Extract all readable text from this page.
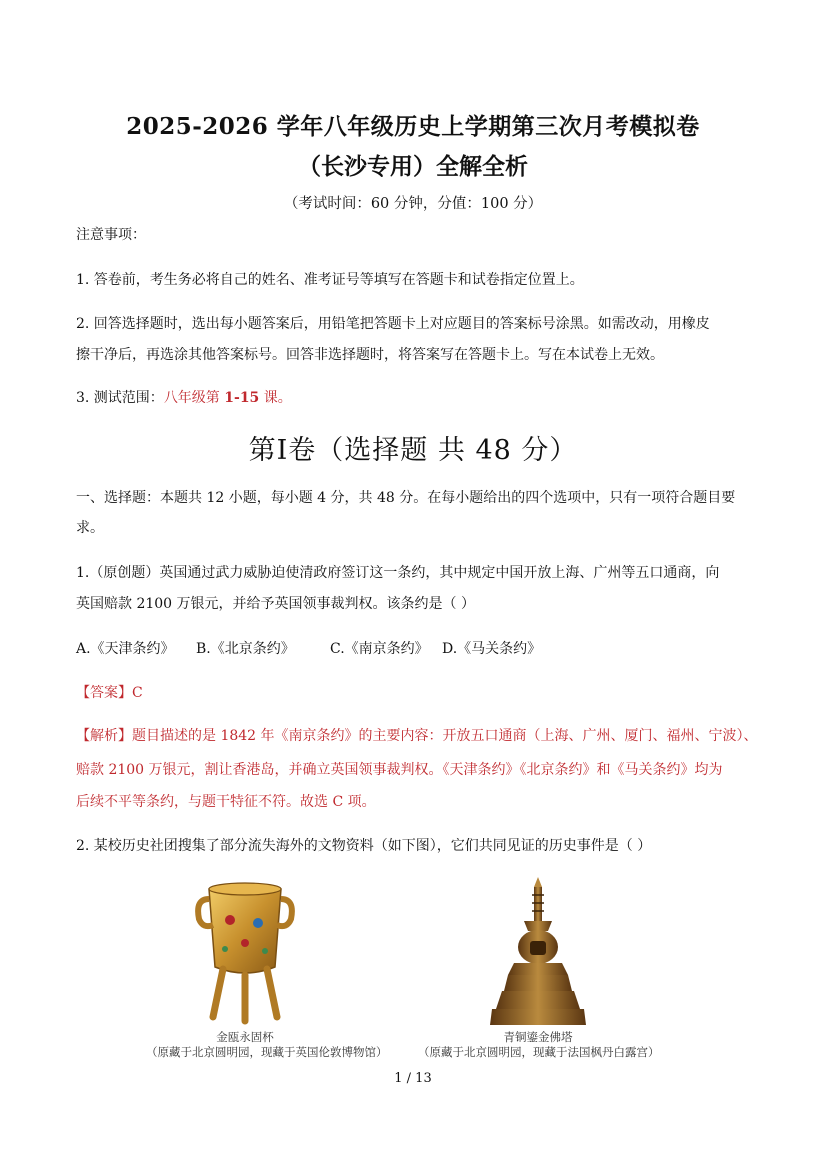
2025-2026 学年八年级历史上学期第三次月考模拟卷
（长沙专用）全解全析
（考试时间：60 分钟，分值：100 分）
注意事项：
1. 答卷前，考生务必将自己的姓名、准考证号等填写在答题卡和试卷指定位置上。
2. 回答选择题时，选出每小题答案后，用铅笔把答题卡上对应题目的答案标号涂黑。如需改动，用橡皮
擦干净后，再选涂其他答案标号。回答非选择题时，将答案写在答题卡上。写在本试卷上无效。
3. 测试范围：八年级第 1-15 课。
第Ⅰ卷（选择题 共 48 分）
一、选择题：本题共 12 小题，每小题 4 分，共 48 分。在每小题给出的四个选项中，只有一项符合题目要
求。
1.（原创题）英国通过武力威胁迫使清政府签订这一条约，其中规定中国开放上海、广州等五口通商，向
英国赔款 2100 万银元，并给予英国领事裁判权。该条约是（ ）
A.《天津条约》 B.《北京条约》	C.《南京条约》 D.《马关条约》
【答案】C
【解析】题目描述的是 1842 年《南京条约》的主要内容：开放五口通商（上海、广州、厦门、福州、宁波）、
赔款 2100 万银元，割让香港岛，并确立英国领事裁判权。《天津条约》《北京条约》和《马关条约》均为
后续不平等条约，与题干特征不符。故选 C 项。
2. 某校历史社团搜集了部分流失海外的文物资料（如下图），它们共同见证的历史事件是（ ）
金瓯永固杯
（原藏于北京圆明园，现藏于英国伦敦博物馆）
青铜鎏金佛塔
（原藏于北京圆明园，现藏于法国枫丹白露宫）
1 / 13
